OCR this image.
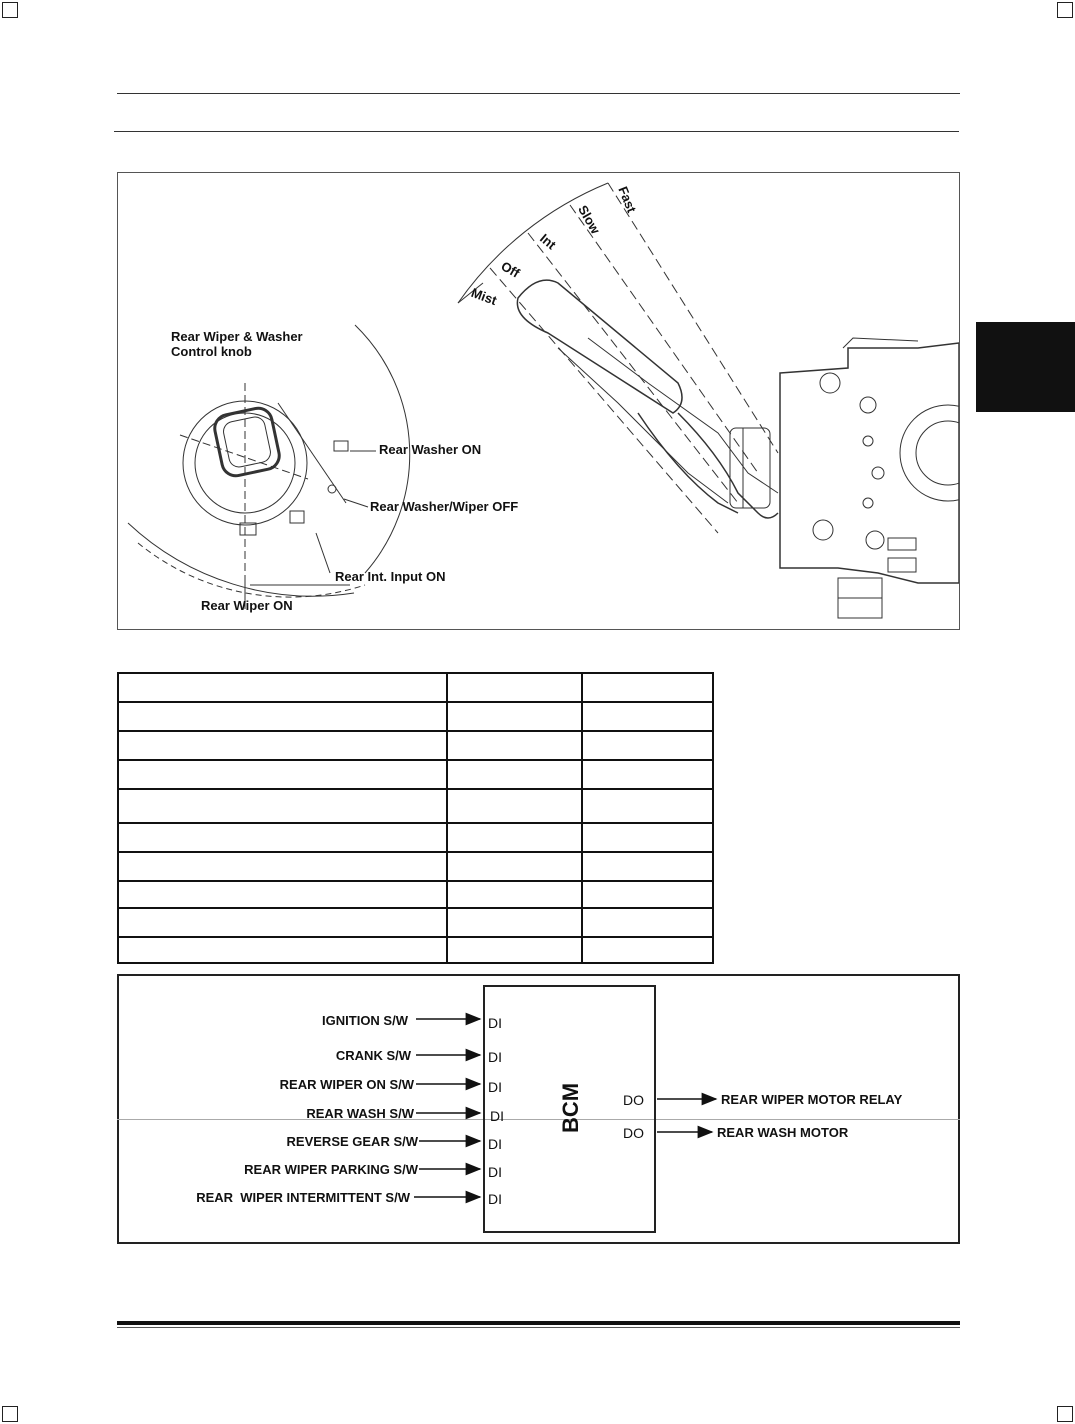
Rear Wiper & Washer
Control knob
Rear Washer ON
Rear Washer/Wiper OFF
Rear Int. Input ON
Rear Wiper ON
Mist
Off
Int
Slow
Fast

BCM
IGNITION S/W
CRANK S/W
REAR WIPER ON S/W
REAR WASH S/W
REVERSE GEAR S/W
REAR WIPER PARKING S/W
REAR  WIPER INTERMITTENT S/W
DI
DI
DI
DI
DI
DI
DI
DO
DO
REAR WIPER MOTOR RELAY
REAR WASH MOTOR
